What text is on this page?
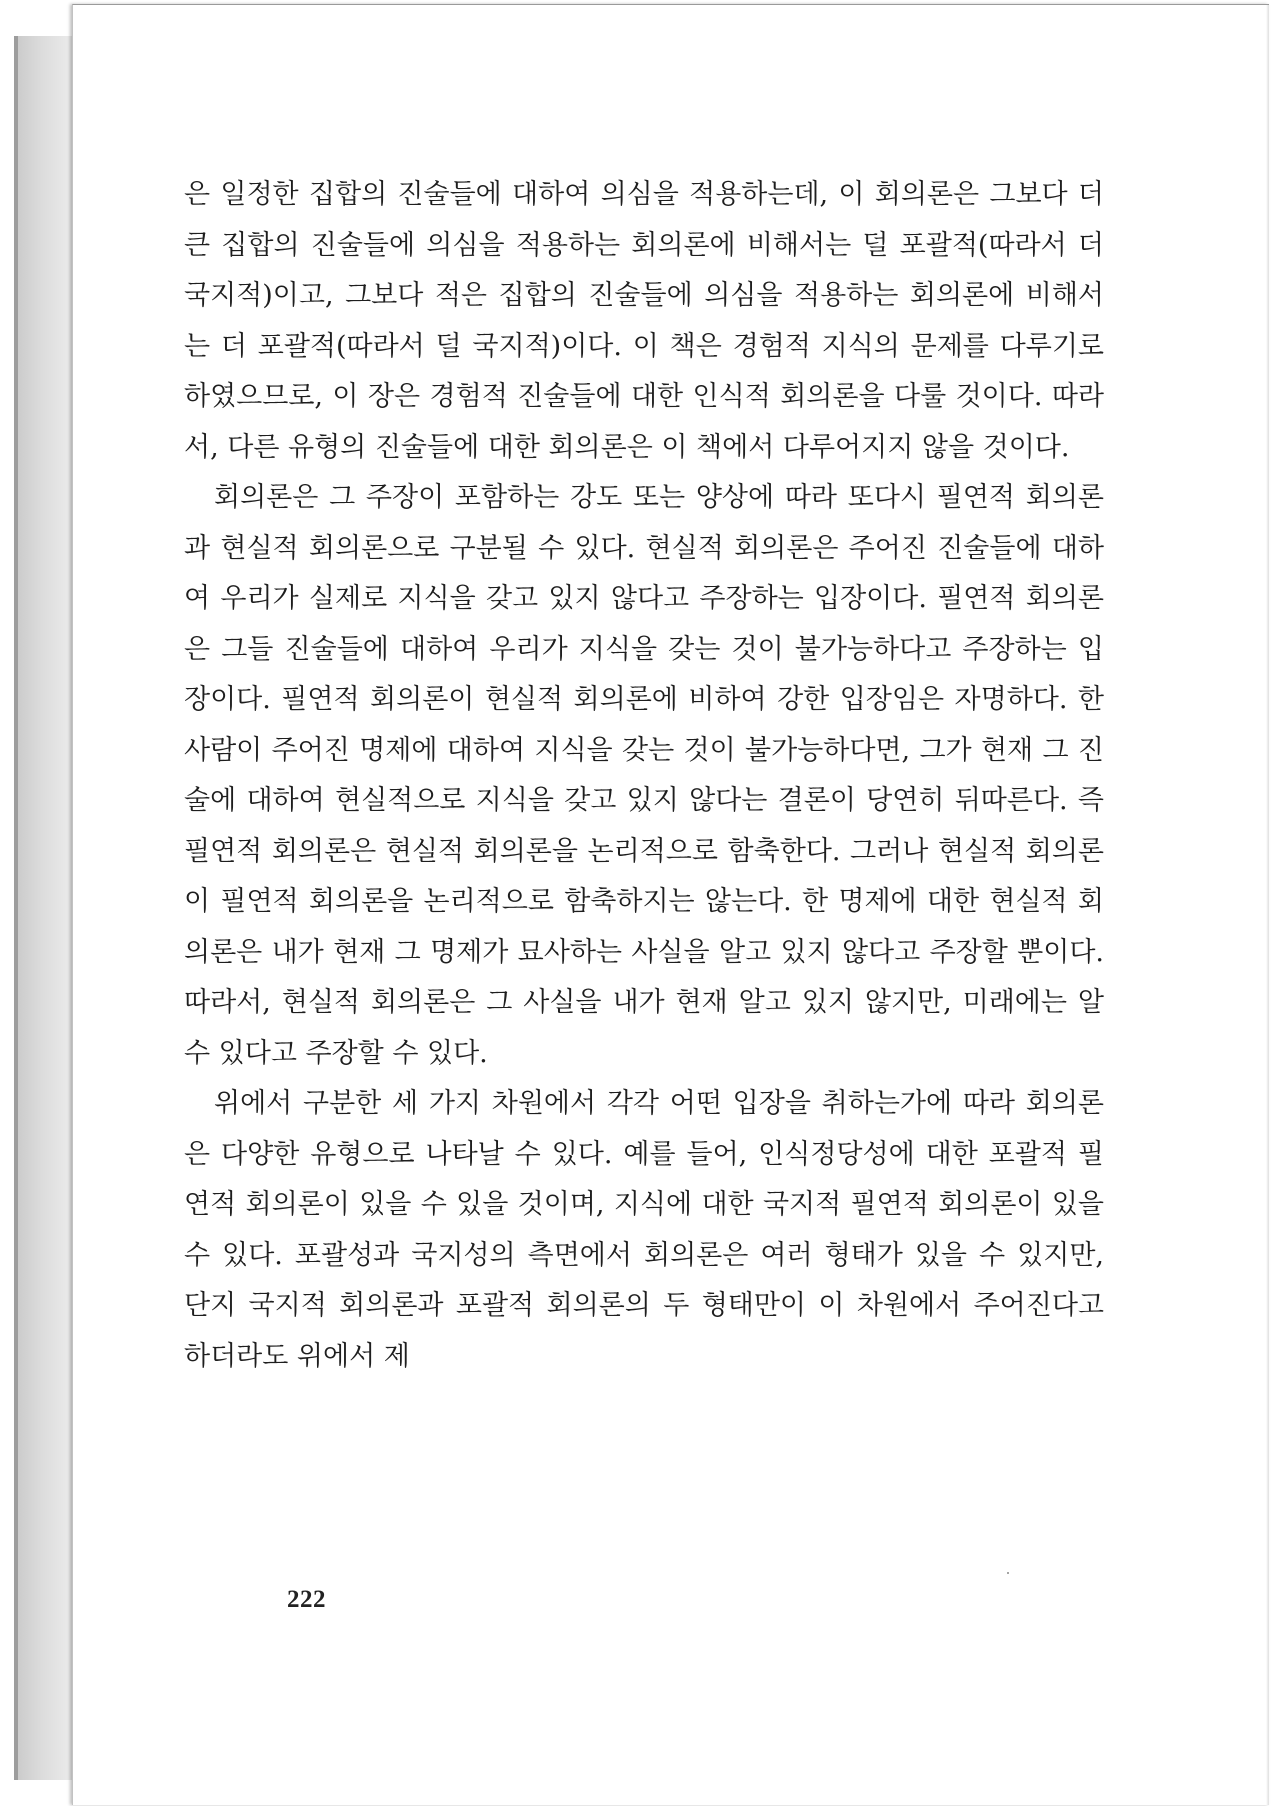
은 일정한 집합의 진술들에 대하여 의심을 적용하는데, 이 회의론은 그보다 더 큰 집합의 진술들에 의심을 적용하는 회의론에 비해서는 덜 포괄적(따라서 더 국지적)이고, 그보다 적은 집합의 진술들에 의심을 적용하는 회의론에 비해서는 더 포괄적(따라서 덜 국지적)이다. 이 책은 경험적 지식의 문제를 다루기로 하였으므로, 이 장은 경험적 진술들에 대한 인식적 회의론을 다룰 것이다. 따라서, 다른 유형의 진술들에 대한 회의론은 이 책에서 다루어지지 않을 것이다.

회의론은 그 주장이 포함하는 강도 또는 양상에 따라 또다시 필연적 회의론과 현실적 회의론으로 구분될 수 있다. 현실적 회의론은 주어진 진술들에 대하여 우리가 실제로 지식을 갖고 있지 않다고 주장하는 입장이다. 필연적 회의론은 그들 진술들에 대하여 우리가 지식을 갖는 것이 불가능하다고 주장하는 입장이다. 필연적 회의론이 현실적 회의론에 비하여 강한 입장임은 자명하다. 한 사람이 주어진 명제에 대하여 지식을 갖는 것이 불가능하다면, 그가 현재 그 진술에 대하여 현실적으로 지식을 갖고 있지 않다는 결론이 당연히 뒤따른다. 즉 필연적 회의론은 현실적 회의론을 논리적으로 함축한다. 그러나 현실적 회의론이 필연적 회의론을 논리적으로 함축하지는 않는다. 한 명제에 대한 현실적 회의론은 내가 현재 그 명제가 묘사하는 사실을 알고 있지 않다고 주장할 뿐이다. 따라서, 현실적 회의론은 그 사실을 내가 현재 알고 있지 않지만, 미래에는 알 수 있다고 주장할 수 있다.

위에서 구분한 세 가지 차원에서 각각 어떤 입장을 취하는가에 따라 회의론은 다양한 유형으로 나타날 수 있다. 예를 들어, 인식정당성에 대한 포괄적 필연적 회의론이 있을 수 있을 것이며, 지식에 대한 국지적 필연적 회의론이 있을 수 있다. 포괄성과 국지성의 측면에서 회의론은 여러 형태가 있을 수 있지만, 단지 국지적 회의론과 포괄적 회의론의 두 형태만이 이 차원에서 주어진다고 하더라도 위에서 제

222
